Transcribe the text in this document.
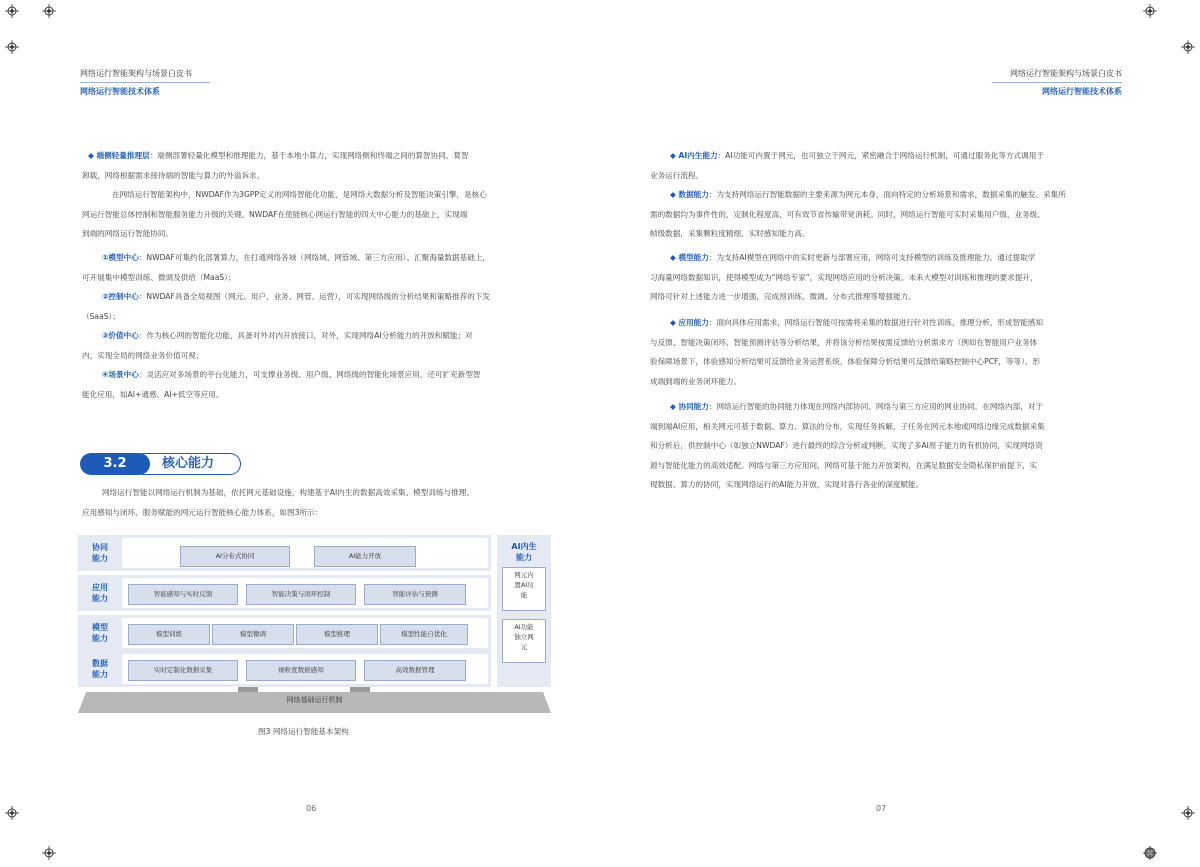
网络运行智能架构与场景白皮书
网络运行智能技术体系
◆ 端侧轻量推理层：端侧部署轻量化模型和推理能力，基于本地小算力，实现网络侧和终端之间的算智协同、算智
卸载，网络根据需求接待端的智能与算力的外溢诉求。
在网络运行智能架构中，NWDAF作为3GPP定义的网络智能化功能，是网络大数据分析及智能决策引擎，是核心
网运行智能总体控制和智能服务能力升级的关键。NWDAF在使能核心网运行智能的四大中心能力的基础上，实现端
到端的网络运行智能协同。
①模型中心：NWDAF可集约化部署算力，在打通网络各域（网络域、网管域、第三方应用）、汇聚海量数据基础上，
可开展集中模型训练、微调及供给（MaaS）；
②控制中心：NWDAF具备全局视图（网元、用户、业务、网管、运营），可实现网络级的分析结果和策略推荐的下发
（SaaS）；
③价值中心：作为核心网的智能化功能，具备对外对内开放接口，对外，实现网络AI分析能力的开放和赋能；对
内，实现全局的网络业务价值可视；
④场景中心：灵活应对多场景的平台化能力，可支撑业务级、用户级、网络级的智能化场景应用，还可扩充新型智
能化应用，如AI+通感、AI+低空等应用。
核心能力
3.2
网络运行智能以网络运行机制为基础，依托网元基础设施，构建基于AI内生的数据高效采集、模型训练与推理、
应用感知与闭环、服务赋能的网元运行智能核心能力体系，如图3所示：
协同
能力	AI分布式协同	AI能力开放
应用
能力	智能感知与实时反馈	智能决策与闭环控制	智能评估与预测
模型
能力	模型训练	模型微调	模型推理	模型性能自优化
数据
能力	实时定制化数据采集	细粒度数据感知	高效数据管理
AI内生
能力
网元内
置AI功
能
AI功能
独立网
元
网络基础运行机制
图3 网络运行智能基本架构
06
网络运行智能架构与场景白皮书
网络运行智能技术体系
◆ AI内生能力：AI功能可内置于网元，也可独立于网元，紧密融合于网络运行机制，可通过服务化等方式调用于
业务运行流程。
◆ 数据能力：为支持网络运行智能数据的主要来源为网元本身，面向特定的分析场景和需求，数据采集的触发、采集所
需的数据均为事件性的，定制化程度高，可有效节省传输带宽消耗。同时，网络运行智能可实时采集用户级、业务级、
帧级数据，采集颗粒度精细，实时感知能力高。
◆ 模型能力：为支持AI模型在网络中的实时更新与部署应用，网络可支持模型的训练及推理能力。通过提取学
习海量网络数据知识，使得模型成为“网络专家”，实现网络应用的分析决策。未来大模型对训练和推理的要求提升，
网络可针对上述能力进一步增强，完成预训练、微调、分布式推理等增强能力。
◆ 应用能力：面向具体应用需求，网络运行智能可按需将采集的数据进行针对性训练、推理分析，形成智能感知
与反馈、智能决策闭环、智能预测评估等分析结果，并将该分析结果按需反馈给分析需求方（例如在智能用户业务体
验保障场景下，体验感知分析结果可反馈给业务运营系统，体验保障分析结果可反馈给策略控制中心PCF，等等），形
成端到端的业务闭环能力。
◆ 协同能力：网络运行智能的协同能力体现在网络内部协同、网络与第三方应用的网业协同。在网络内部，对于
端到端AI应用，相关网元可基于数据、算力、算法的分布，实现任务拆解，子任务在网元本地或网络边缘完成数据采集
和分析后，供控制中心（如独立NWDAF）进行最终的综合分析或判断，实现了多AI原子能力的有机协同，实现网络资
源与智能化能力的高效适配。网络与第三方应用间，网络可基于能力开放架构，在满足数据安全隐私保护前提下，实
现数据、算力的协同，实现网络运行的AI能力开放，实现对各行各业的深度赋能。
07
